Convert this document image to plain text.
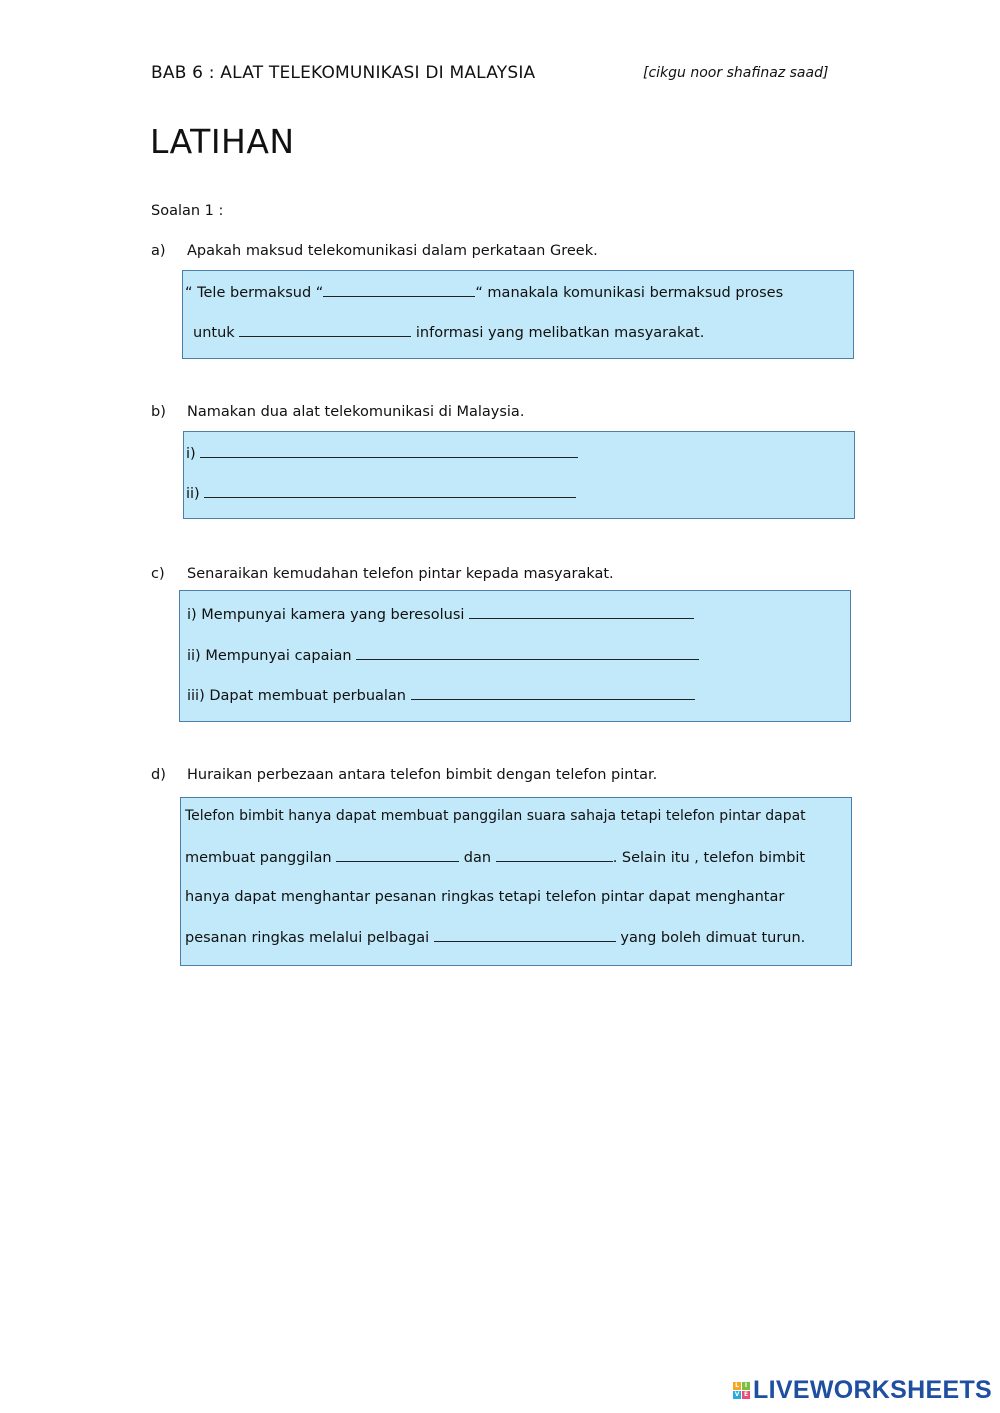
BAB 6 : ALAT TELEKOMUNIKASI DI MALAYSIA	[cikgu noor shafinaz saad]
LATIHAN
Soalan 1 :
a) Apakah maksud telekomunikasi dalam perkataan Greek.
“ Tele bermaksud “	“ manakala komunikasi bermaksud proses
untuk	informasi yang melibatkan masyarakat.
b) Namakan dua alat telekomunikasi di Malaysia.
i)
ii)
c) Senaraikan kemudahan telefon pintar kepada masyarakat.
i) Mempunyai kamera yang beresolusi
ii) Mempunyai capaian
iii) Dapat membuat perbualan
d) Huraikan perbezaan antara telefon bimbit dengan telefon pintar.
Telefon bimbit hanya dapat membuat panggilan suara sahaja tetapi telefon pintar dapat
membuat panggilan	dan	. Selain itu , telefon bimbit
hanya dapat menghantar pesanan ringkas tetapi telefon pintar dapat menghantar
pesanan ringkas melalui pelbagai	yang boleh dimuat turun.
L I
V E LIVEWORKSHEETS
